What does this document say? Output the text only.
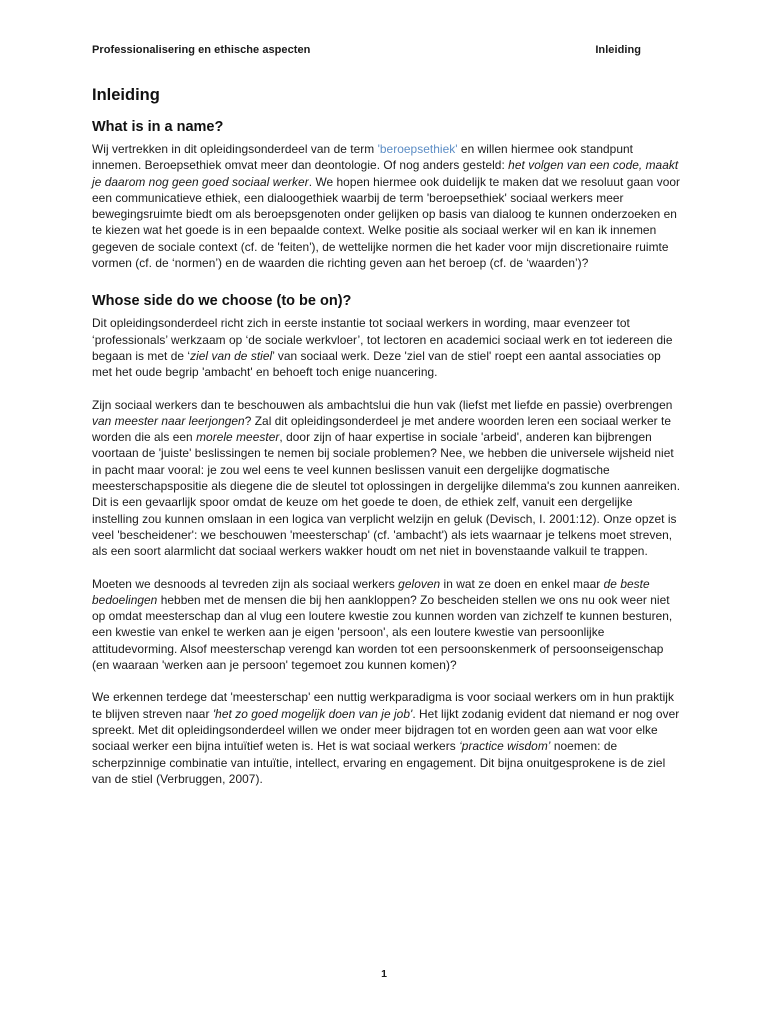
Professionalisering en ethische aspecten	Inleiding
Inleiding
What is in a name?

Wij vertrekken in dit opleidingsonderdeel van de term 'beroepsethiek' en willen hiermee ook standpunt innemen. Beroepsethiek omvat meer dan deontologie. Of nog anders gesteld: het volgen van een code, maakt je daarom nog geen goed sociaal werker. We hopen hiermee ook duidelijk te maken dat we resoluut gaan voor een communicatieve ethiek, een dialoogethiek waarbij de term 'beroepsethiek' sociaal werkers meer bewegingsruimte biedt om als beroepsgenoten onder gelijken op basis van dialoog te kunnen onderzoeken en te kiezen wat het goede is in een bepaalde context. Welke positie als sociaal werker wil en kan ik innemen gegeven de sociale context (cf. de 'feiten'), de wettelijke normen die het kader voor mijn discretionaire ruimte vormen (cf. de ‘normen’) en de waarden die richting geven aan het beroep (cf. de ‘waarden’)?

Whose side do we choose (to be on)?

Dit opleidingsonderdeel richt zich in eerste instantie tot sociaal werkers in wording, maar evenzeer tot ‘professionals’ werkzaam op ‘de sociale werkvloer’, tot lectoren en academici sociaal werk en tot iedereen die begaan is met de ‘ziel van de stiel’ van sociaal werk. Deze 'ziel van de stiel' roept een aantal associaties op met het oude begrip 'ambacht' en behoeft toch enige nuancering.

Zijn sociaal werkers dan te beschouwen als ambachtslui die hun vak (liefst met liefde en passie) overbrengen van meester naar leerjongen? Zal dit opleidingsonderdeel je met andere woorden leren een sociaal werker te worden die als een morele meester, door zijn of haar expertise in sociale 'arbeid', anderen kan bijbrengen voortaan de 'juiste' beslissingen te nemen bij sociale problemen? Nee, we hebben die universele wijsheid niet in pacht maar vooral: je zou wel eens te veel kunnen beslissen vanuit een dergelijke dogmatische meesterschapspositie als diegene die de sleutel tot oplossingen in dergelijke dilemma's zou kunnen aanreiken. Dit is een gevaarlijk spoor omdat de keuze om het goede te doen, de ethiek zelf, vanuit een dergelijke instelling zou kunnen omslaan in een logica van verplicht welzijn en geluk (Devisch, I. 2001:12). Onze opzet is veel 'bescheidener': we beschouwen 'meesterschap' (cf. 'ambacht') als iets waarnaar je telkens moet streven, als een soort alarmlicht dat sociaal werkers wakker houdt om net niet in bovenstaande valkuil te trappen.

Moeten we desnoods al tevreden zijn als sociaal werkers geloven in wat ze doen en enkel maar de beste bedoelingen hebben met de mensen die bij hen aankloppen? Zo bescheiden stellen we ons nu ook weer niet op omdat meesterschap dan al vlug een loutere kwestie zou kunnen worden van zichzelf te kunnen besturen, een kwestie van enkel te werken aan je eigen 'persoon', als een loutere kwestie van persoonlijke attitudevorming. Alsof meesterschap verengd kan worden tot een persoonskenmerk of persoonseigenschap (en waaraan 'werken aan je persoon' tegemoet zou kunnen komen)?

We erkennen terdege dat 'meesterschap' een nuttig werkparadigma is voor sociaal werkers om in hun praktijk te blijven streven naar 'het zo goed mogelijk doen van je job'. Het lijkt zodanig evident dat niemand er nog over spreekt. Met dit opleidingsonderdeel willen we onder meer bijdragen tot en worden geen aan wat voor elke sociaal werker een bijna intuïtief weten is. Het is wat sociaal werkers ‘practice wisdom’ noemen: de scherpzinnige combinatie van intuïtie, intellect, ervaring en engagement. Dit bijna onuitgesprokene is de ziel van de stiel (Verbruggen, 2007).

1
